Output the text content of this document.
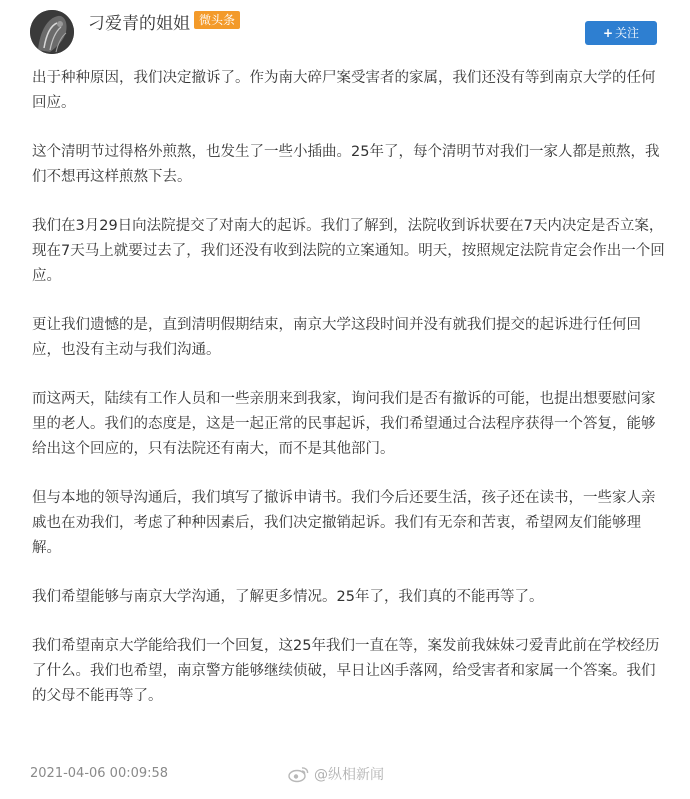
刁爱青的姐姐 微头条
+ 关注

出于种种原因，我们决定撤诉了。作为南大碎尸案受害者的家属，我们还没有等到南京大学的任何回应。

这个清明节过得格外煎熬，也发生了一些小插曲。25年了，每个清明节对我们一家人都是煎熬，我们不想再这样煎熬下去。

我们在3月29日向法院提交了对南大的起诉。我们了解到，法院收到诉状要在7天内决定是否立案，现在7天马上就要过去了，我们还没有收到法院的立案通知。明天，按照规定法院肯定会作出一个回应。

更让我们遗憾的是，直到清明假期结束，南京大学这段时间并没有就我们提交的起诉进行任何回应，也没有主动与我们沟通。

而这两天，陆续有工作人员和一些亲朋来到我家，询问我们是否有撤诉的可能，也提出想要慰问家里的老人。我们的态度是，这是一起正常的民事起诉，我们希望通过合法程序获得一个答复，能够给出这个回应的，只有法院还有南大，而不是其他部门。

但与本地的领导沟通后，我们填写了撤诉申请书。我们今后还要生活，孩子还在读书，一些家人亲戚也在劝我们，考虑了种种因素后，我们决定撤销起诉。我们有无奈和苦衷，希望网友们能够理解。

我们希望能够与南京大学沟通，了解更多情况。25年了，我们真的不能再等了。

我们希望南京大学能给我们一个回复，这25年我们一直在等，案发前我妹妹刁爱青此前在学校经历了什么。我们也希望，南京警方能够继续侦破，早日让凶手落网，给受害者和家属一个答案。我们的父母不能再等了。

2021-04-06 00:09:58	@纵相新闻
